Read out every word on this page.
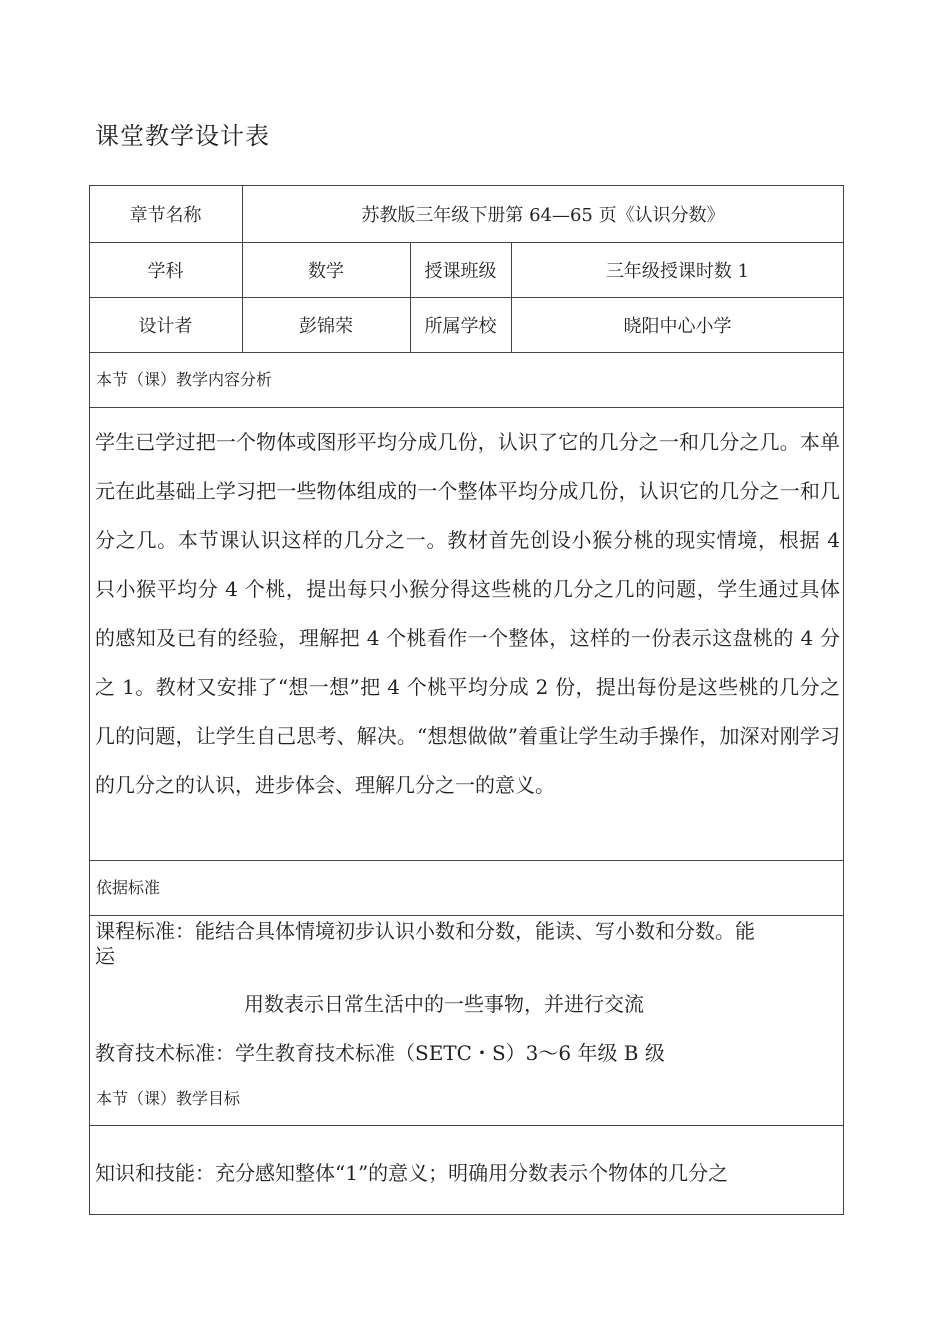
课堂教学设计表
章节名称	苏教版三年级下册第 64—65 页《认识分数》
学科	数学	授课班级	三年级授课时数 1
设计者	彭锦荣	所属学校	晓阳中心小学
本节（课）教学内容分析

学生已学过把一个物体或图形平均分成几份，认识了它的几分之一和几分之几。本单元在此基础上学习把一些物体组成的一个整体平均分成几份，认识它的几分之一和几分之几。本节课认识这样的几分之一。教材首先创设小猴分桃的现实情境，根据 4 只小猴平均分 4 个桃，提出每只小猴分得这些桃的几分之几的问题，学生通过具体的感知及已有的经验，理解把 4 个桃看作一个整体，这样的一份表示这盘桃的 4 分之 1。教材又安排了“想一想”把 4 个桃平均分成 2 份，提出每份是这些桃的几分之几的问题，让学生自己思考、解决。“想想做做”着重让学生动手操作，加深对刚学习的几分之的认识，进步体会、理解几分之一的意义。

依据标准
课程标准：能结合具体情境初步认识小数和分数，能读、写小数和分数。能
运
用数表示日常生活中的一些事物，并进行交流
教育技术标准：学生教育技术标准（SETC・S）3～6 年级 B 级
本节（课）教学目标
知识和技能：充分感知整体“1”的意义；明确用分数表示个物体的几分之
